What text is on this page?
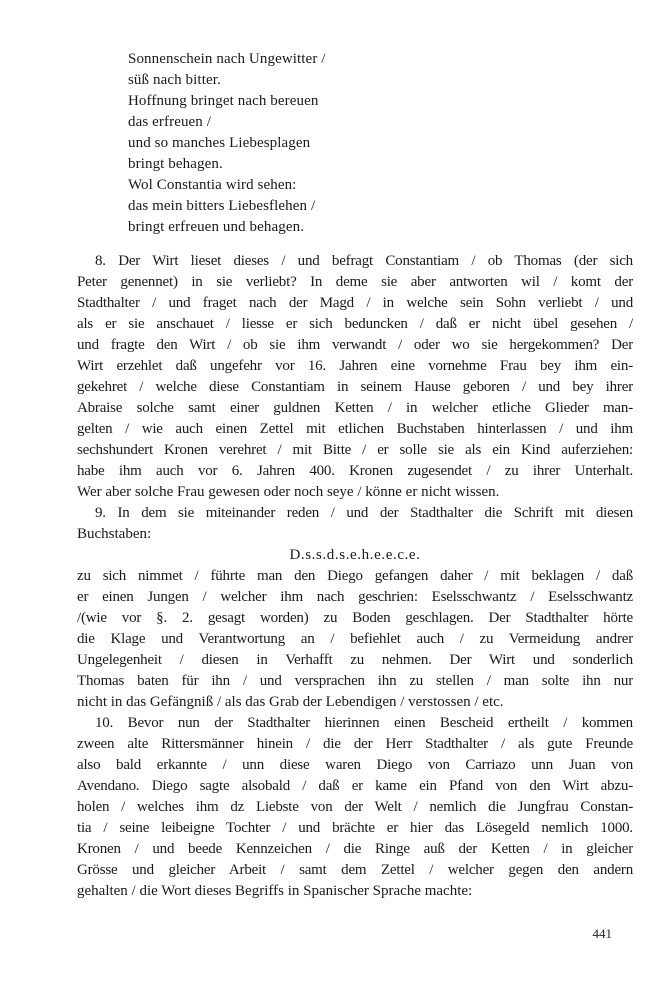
Sonnenschein nach Ungewitter /
süß nach bitter.
Hoffnung bringet nach bereuen
das erfreuen /
und so manches Liebesplagen
bringt behagen.
Wol Constantia wird sehen:
das mein bitters Liebesflehen /
bringt erfreuen und behagen.
8. Der Wirt lieset dieses / und befragt Constantiam / ob Thomas (der sich
Peter genennet) in sie verliebt? In deme sie aber antworten wil / komt der
Stadthalter / und fraget nach der Magd / in welche sein Sohn verliebt / und
als er sie anschauet / liesse er sich beduncken / daß er nicht übel gesehen /
und fragte den Wirt / ob sie ihm verwandt / oder wo sie hergekommen? Der
Wirt erzehlet daß ungefehr vor 16. Jahren eine vornehme Frau bey ihm ein-
gekehret / welche diese Constantiam in seinem Hause geboren / und bey ihrer
Abraise solche samt einer guldnen Ketten / in welcher etliche Glieder man-
gelten / wie auch einen Zettel mit etlichen Buchstaben hinterlassen / und ihm
sechshundert Kronen verehret / mit Bitte / er solle sie als ein Kind auferziehen:
habe ihm auch vor 6. Jahren 400. Kronen zugesendet / zu ihrer Unterhalt.
Wer aber solche Frau gewesen oder noch seye / könne er nicht wissen.
9. In dem sie miteinander reden / und der Stadthalter die Schrift mit diesen
Buchstaben:
D.s.s.d.s.e.h.e.e.c.e.
zu sich nimmet / führte man den Diego gefangen daher / mit beklagen / daß
er einen Jungen / welcher ihm nach geschrien: Eselsschwantz / Eselsschwantz
/(wie vor §. 2. gesagt worden) zu Boden geschlagen. Der Stadthalter hörte
die Klage und Verantwortung an / befiehlet auch / zu Vermeidung andrer
Ungelegenheit / diesen in Verhafft zu nehmen. Der Wirt und sonderlich
Thomas baten für ihn / und versprachen ihn zu stellen / man solte ihn nur
nicht in das Gefängniß / als das Grab der Lebendigen / verstossen / etc.
10. Bevor nun der Stadthalter hierinnen einen Bescheid ertheilt / kommen
zween alte Rittersmänner hinein / die der Herr Stadthalter / als gute Freunde
also bald erkannte / unn diese waren Diego von Carriazo unn Juan von
Avendano. Diego sagte alsobald / daß er kame ein Pfand von den Wirt abzu-
holen / welches ihm dz Liebste von der Welt / nemlich die Jungfrau Constan-
tia / seine leibeigne Tochter / und brächte er hier das Lösegeld nemlich 1000.
Kronen / und beede Kennzeichen / die Ringe auß der Ketten / in gleicher
Grösse und gleicher Arbeit / samt dem Zettel / welcher gegen den andern
gehalten / die Wort dieses Begriffs in Spanischer Sprache machte:
441
